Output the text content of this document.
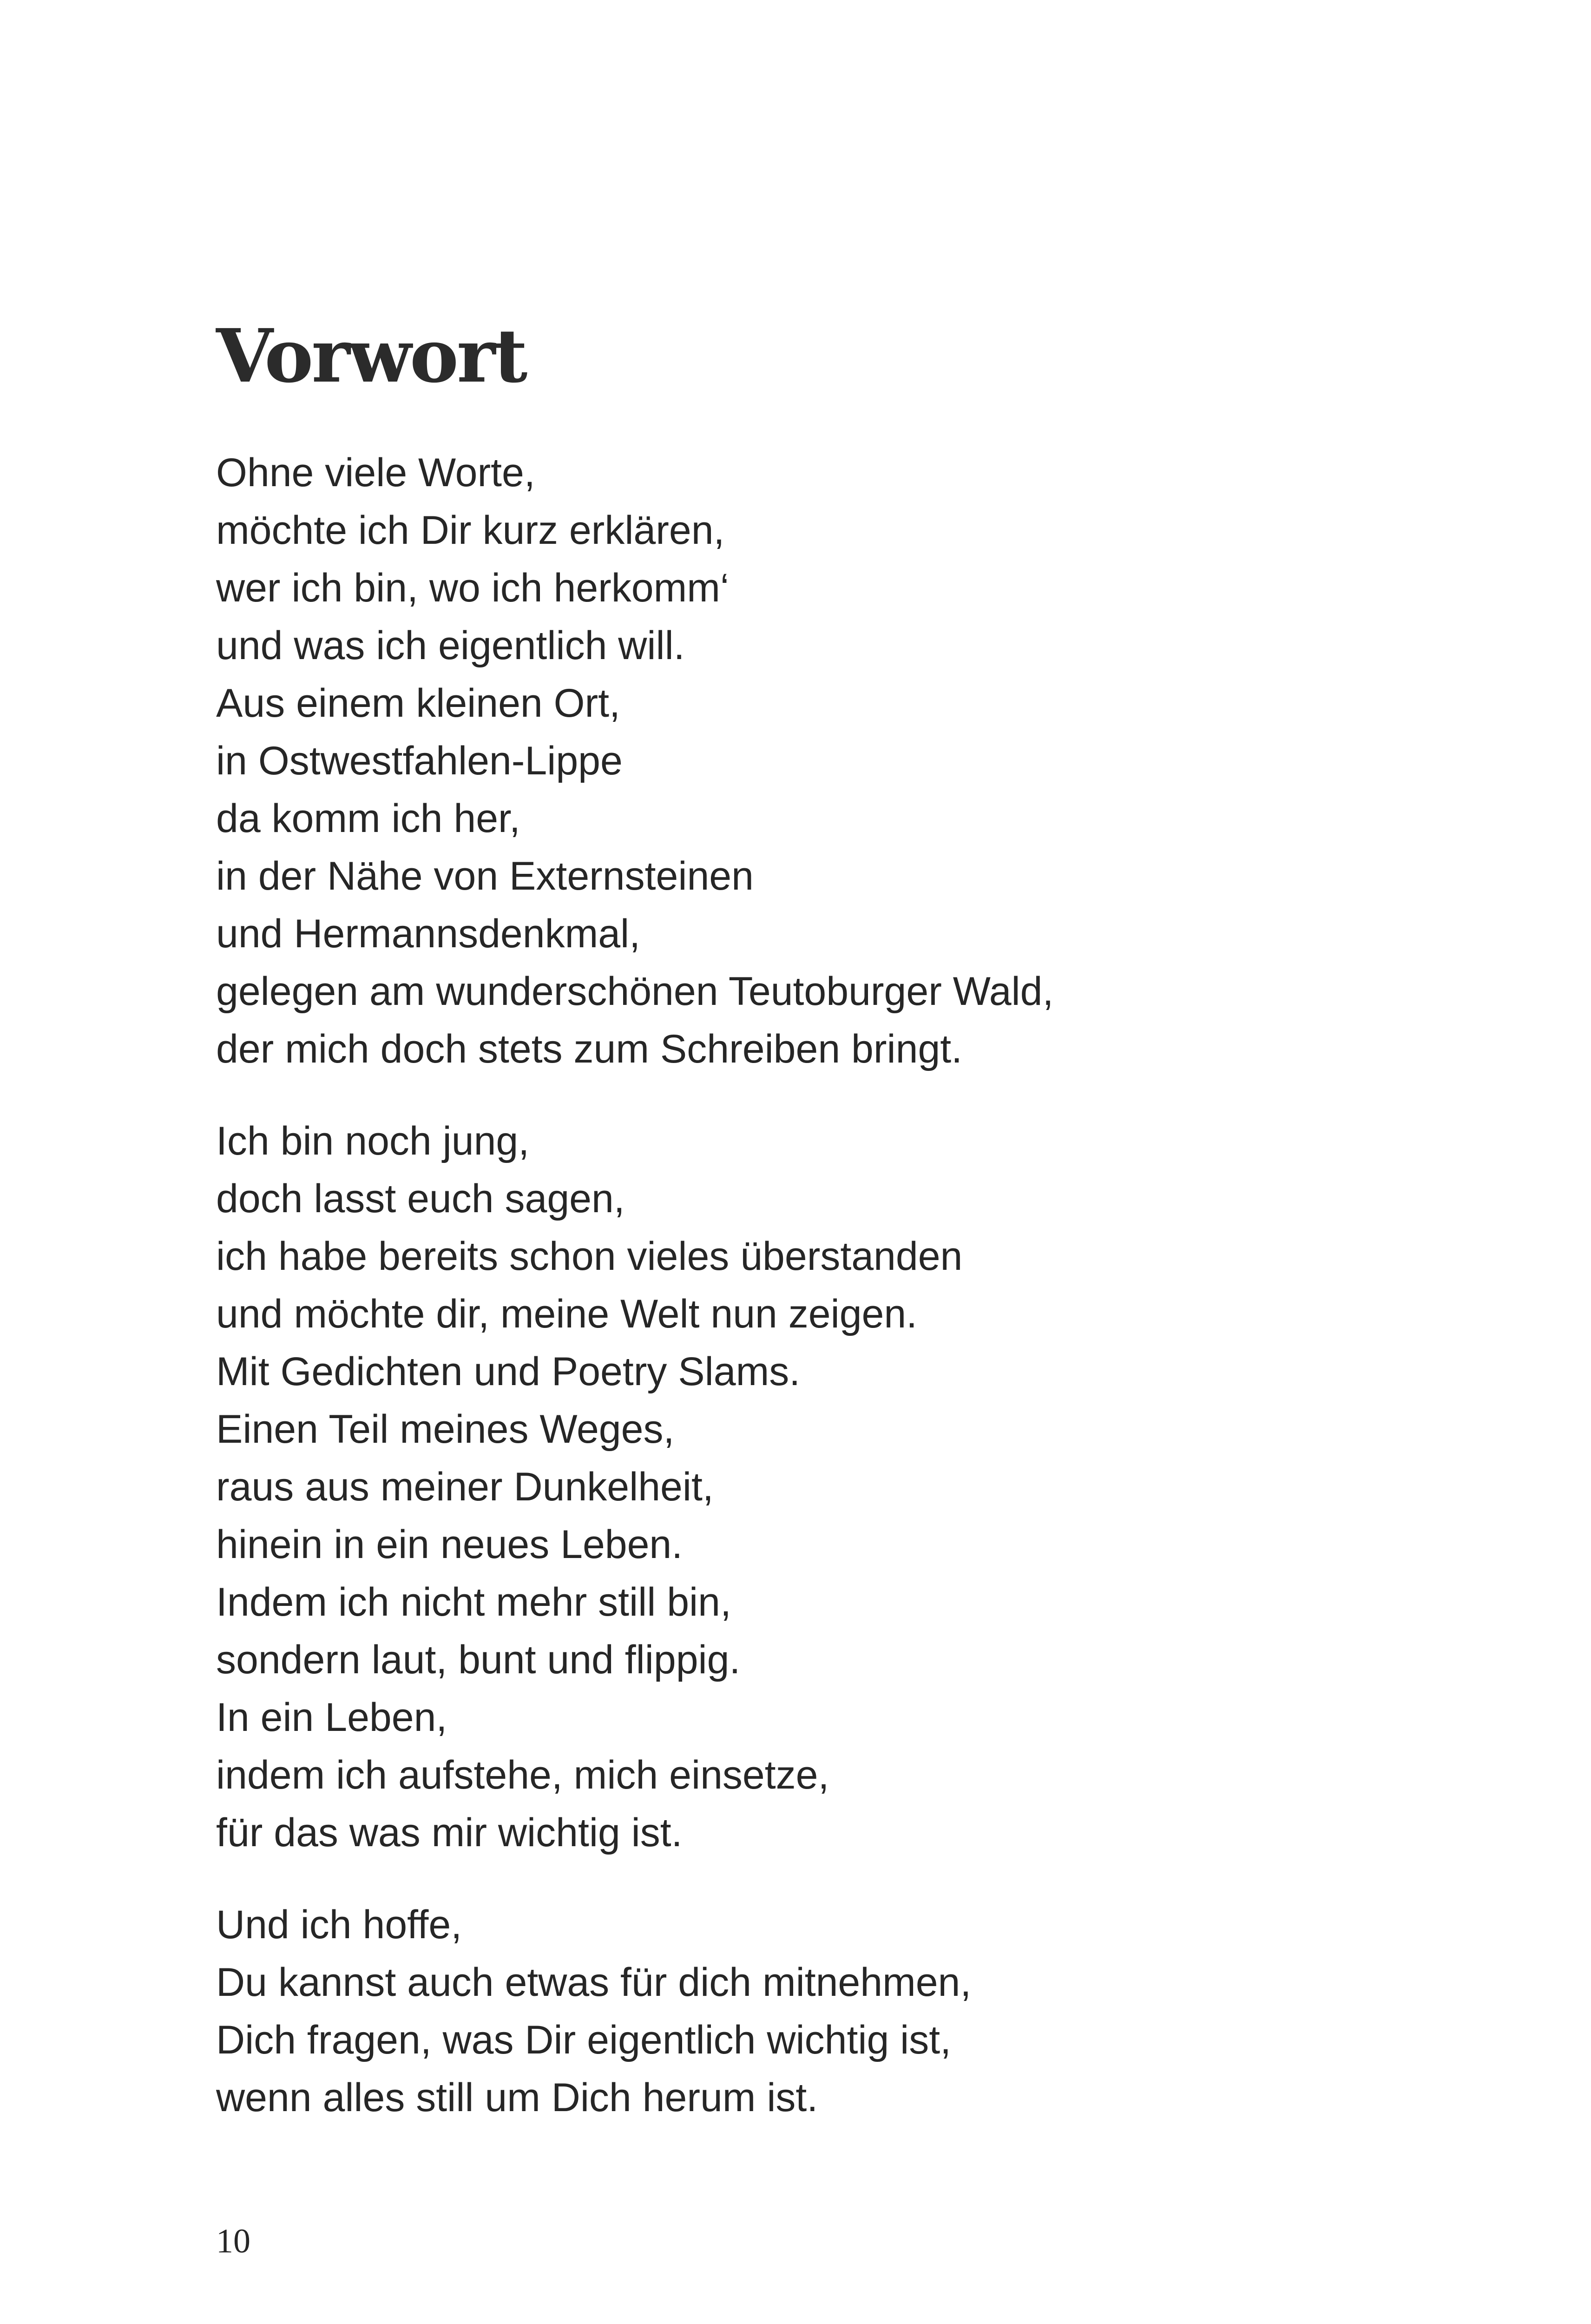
Vorwort

Ohne viele Worte,
möchte ich Dir kurz erklären,
wer ich bin, wo ich herkomm‘
und was ich eigentlich will.
Aus einem kleinen Ort,
in Ostwestfahlen-Lippe
da komm ich her,
in der Nähe von Externsteinen
und Hermannsdenkmal,
gelegen am wunderschönen Teutoburger Wald,
der mich doch stets zum Schreiben bringt.

Ich bin noch jung,
doch lasst euch sagen,
ich habe bereits schon vieles überstanden
und möchte dir, meine Welt nun zeigen.
Mit Gedichten und Poetry Slams.
Einen Teil meines Weges,
raus aus meiner Dunkelheit,
hinein in ein neues Leben.
Indem ich nicht mehr still bin,
sondern laut, bunt und flippig.
In ein Leben,
indem ich aufstehe, mich einsetze,
für das was mir wichtig ist.

Und ich hoffe,
Du kannst auch etwas für dich mitnehmen,
Dich fragen, was Dir eigentlich wichtig ist,
wenn alles still um Dich herum ist.

10
